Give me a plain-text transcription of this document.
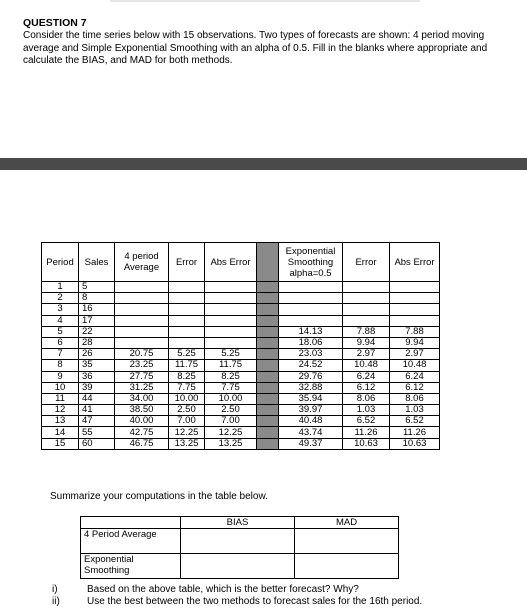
QUESTION 7
Consider the time series below with 15 observations. Two types of forecasts are shown: 4 period moving average and Simple Exponential Smoothing with an alpha of 0.5. Fill in the blanks where appropriate and calculate the BIAS, and MAD for both methods.
Period	Sales	4 period Average	Error	Abs Error		Exponential Smoothing alpha=0.5	Error	Abs Error
1	5							
2	8							
3	16							
4	17							
5	22					14.13	7.88	7.88
6	28					18.06	9.94	9.94
7	26	20.75	5.25	5.25		23.03	2.97	2.97
8	35	23.25	11.75	11.75		24.52	10.48	10.48
9	36	27.75	8.25	8.25		29.76	6.24	6.24
10	39	31.25	7.75	7.75		32.88	6.12	6.12
11	44	34.00	10.00	10.00		35.94	8.06	8.06
12	41	38.50	2.50	2.50		39.97	1.03	1.03
13	47	40.00	7.00	7.00		40.48	6.52	6.52
14	55	42.75	12.25	12.25		43.74	11.26	11.26
15	60	46.75	13.25	13.25		49.37	10.63	10.63
Summarize your computations in the table below.
	BIAS	MAD
4 Period Average		
Exponential Smoothing		
i)	Based on the above table, which is the better forecast? Why?
ii)	Use the best between the two methods to forecast sales for the 16th period.
